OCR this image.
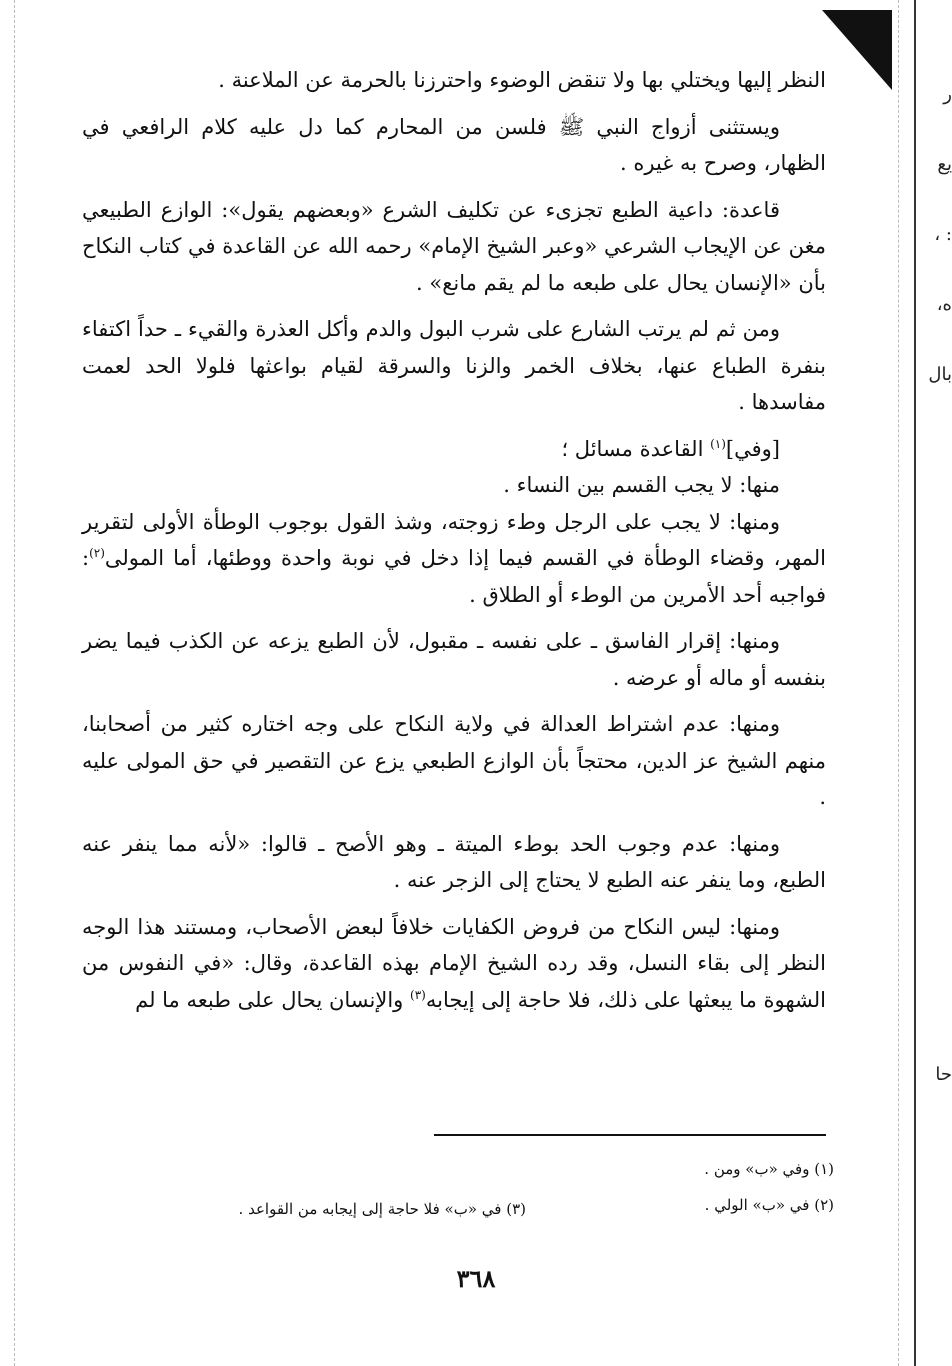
ر
يع
: ،
ه،
بال
حا

النظر إليها ويختلي بها ولا تنقض الوضوء واحترزنا بالحرمة عن الملاعنة .

ويستثنى أزواج النبي ﷺ فلسن من المحارم كما دل عليه كلام الرافعي في الظهار، وصرح به غيره .

قاعدة: داعية الطبع تجزىء عن تكليف الشرع «وبعضهم يقول»: الوازع الطبيعي مغن عن الإيجاب الشرعي «وعبر الشيخ الإمام» رحمه الله عن القاعدة في كتاب النكاح بأن «الإنسان يحال على طبعه ما لم يقم مانع» .

ومن ثم لم يرتب الشارع على شرب البول والدم وأكل العذرة والقيء ـ حداً اكتفاء بنفرة الطباع عنها، بخلاف الخمر والزنا والسرقة لقيام بواعثها فلولا الحد لعمت مفاسدها .

[وفي]$^{(١)}$ القاعدة مسائل ؛

منها: لا يجب القسم بين النساء .

ومنها: لا يجب على الرجل وطء زوجته، وشذ القول بوجوب الوطأة الأولى لتقرير المهر، وقضاء الوطأة في القسم فيما إذا دخل في نوبة واحدة ووطئها، أما المولى$^{(٢)}$: فواجبه أحد الأمرين من الوطء أو الطلاق .

ومنها: إقرار الفاسق ـ على نفسه ـ مقبول، لأن الطبع يزعه عن الكذب فيما يضر بنفسه أو ماله أو عرضه .

ومنها: عدم اشتراط العدالة في ولاية النكاح على وجه اختاره كثير من أصحابنا، منهم الشيخ عز الدين، محتجاً بأن الوازع الطبعي يزع عن التقصير في حق المولى عليه .

ومنها: عدم وجوب الحد بوطء الميتة ـ وهو الأصح ـ قالوا: «لأنه مما ينفر عنه الطبع، وما ينفر عنه الطبع لا يحتاج إلى الزجر عنه .

ومنها: ليس النكاح من فروض الكفايات خلافاً لبعض الأصحاب، ومستند هذا الوجه النظر إلى بقاء النسل، وقد رده الشيخ الإمام بهذه القاعدة، وقال: «في النفوس من الشهوة ما يبعثها على ذلك، فلا حاجة إلى إيجابه$^{(٣)}$ والإنسان يحال على طبعه ما لم

(١) وفي «ب» ومن .
(٢) في «ب» الولي .
(٣) في «ب» فلا حاجة إلى إيجابه من القواعد .
٣٦٨
